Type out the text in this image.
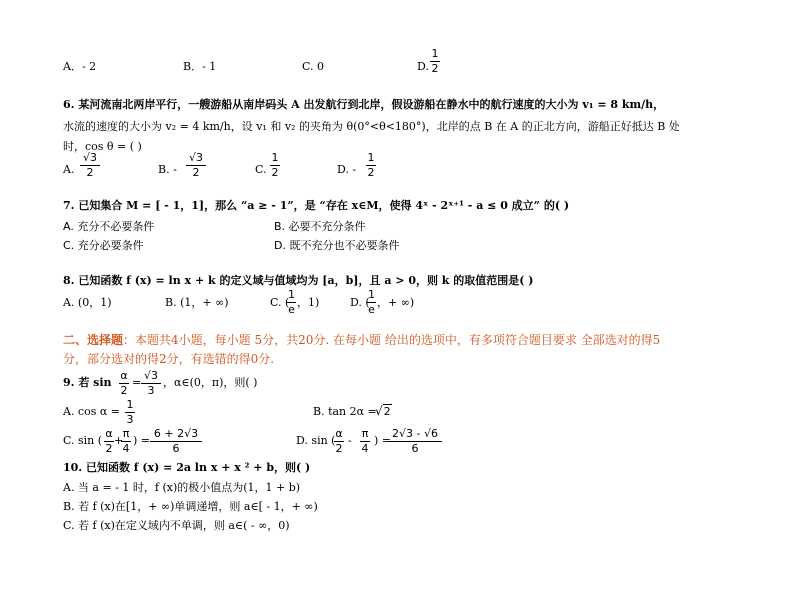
A．- 2	B．- 1	C. 0	D.
1
2
6. 某河流南北两岸平行，一艘游船从南岸码头 A 出发航行到北岸，假设游船在静水中的航行速度的大小为 v₁ = 8 km/h，
水流的速度的大小为 v₂ = 4 km/h，设 v₁ 和 v₂ 的夹角为 θ(0°<θ<180°)，北岸的点 B 在 A 的正北方向，游船正好抵达 B 处
时，cos θ = ( )
A.
√3
2	B. -
√3
2	C.
1
2	D. -
1
2
7. 已知集合 M = [ - 1，1]，那么 “a ≥ - 1”，是 “存在 x∈M，使得 4ˣ - 2ˣ⁺¹ - a ≤ 0 成立” 的( )
A. 充分不必要条件	B. 必要不充分条件
C. 充分必要条件	D. 既不充分也不必要条件
8. 已知函数 f (x) = ln x + k 的定义域与值域均为 [a，b]，且 a > 0，则 k 的取值范围是( )
A. (0，1)	B. (1，+ ∞)	C. (
1
e
，1)	D. (
1
e
，+ ∞)
二、选择题：本题共4小题，每小题 5分，共20分. 在每小题 给出的选项中，有多项符合题目要求 全部选对的得5
分，部分选对的得2分，有选错的得0分.
9. 若 sin
α
2
=
√3
3
，α∈(0，π)，则( )
A. cos α =
1
3
B. tan 2α =
√2
C. sin (
α
2
+
π
4
) =
6 + 2√3
6
D. sin (
α
2
-
π
4
) =
2√3 - √6
6
10. 已知函数 f (x) = 2a ln x + x ² + b，则( )
A. 当 a = - 1 时，f (x)的极小值点为(1，1 + b)
B. 若 f (x)在[1，+ ∞)单调递增，则 a∈[ - 1，+ ∞)
C. 若 f (x)在定义域内不单调，则 a∈( - ∞，0)
